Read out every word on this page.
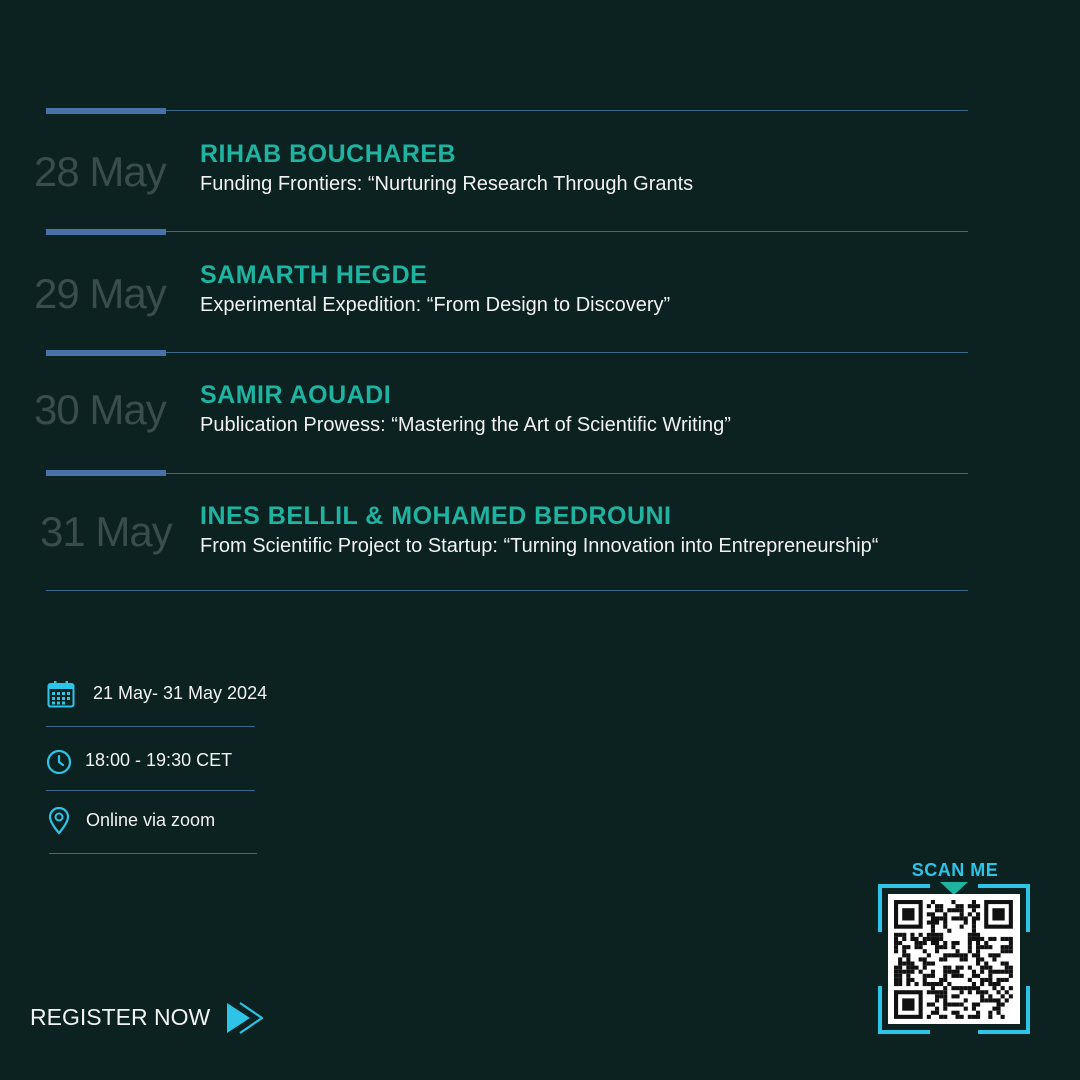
28 May	RIHAB BOUCHAREB
Funding Frontiers: “Nurturing Research Through Grants
29 May	SAMARTH HEGDE
Experimental Expedition: “From Design to Discovery”
30 May	SAMIR AOUADI
Publication Prowess: “Mastering the Art of Scientific Writing”
31 May	INES BELLIL & MOHAMED BEDROUNI
From Scientific Project to Startup: “Turning Innovation into Entrepreneurship“
21 May- 31 May 2024
18:00 - 19:30 CET
Online via zoom
REGISTER NOW
SCAN ME
